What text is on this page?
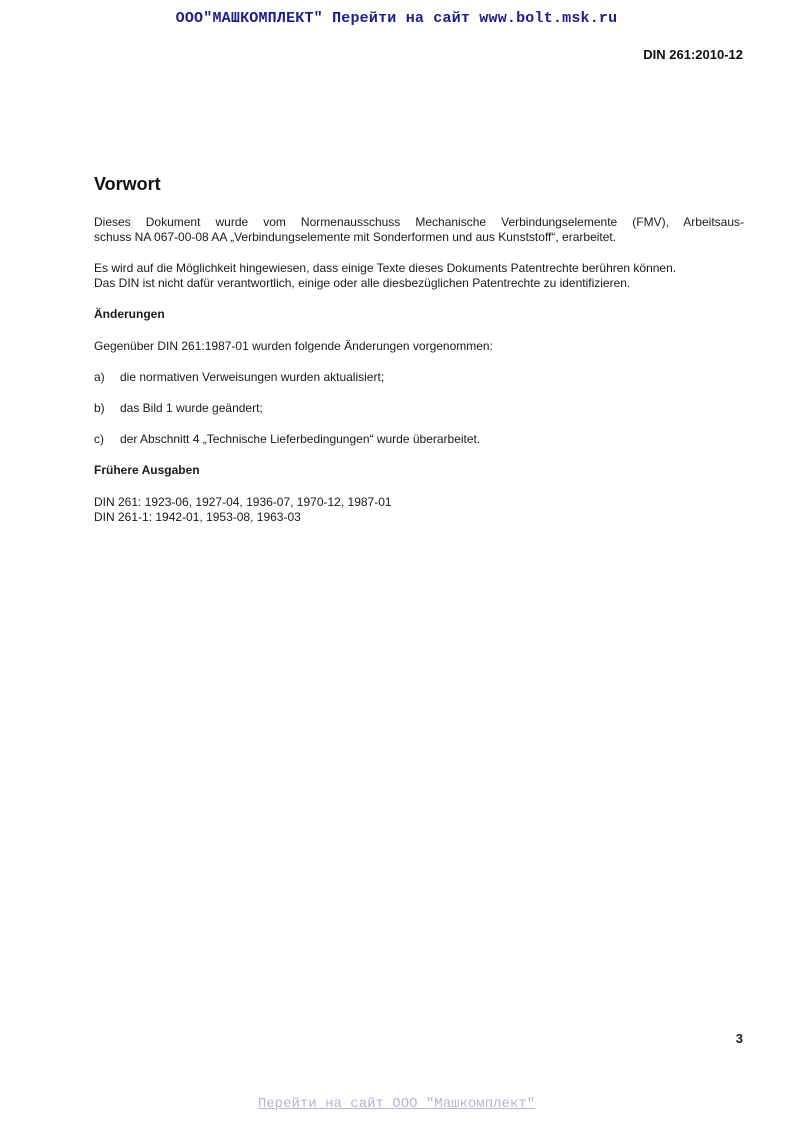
ООО"МАШКОМПЛЕКТ" Перейти на сайт www.bolt.msk.ru
DIN 261:2010-12
Vorwort

Dieses Dokument wurde vom Normenausschuss Mechanische Verbindungselemente (FMV), Arbeitsaus-

schuss NA 067-00-08 AA „Verbindungselemente mit Sonderformen und aus Kunststoff“, erarbeitet.

Es wird auf die Möglichkeit hingewiesen, dass einige Texte dieses Dokuments Patentrechte berühren können.

Das DIN ist nicht dafür verantwortlich, einige oder alle diesbezüglichen Patentrechte zu identifizieren.

Änderungen

Gegenüber DIN 261:1987-01 wurden folgende Änderungen vorgenommen:

a)	die normativen Verweisungen wurden aktualisiert;
b)	das Bild 1 wurde geändert;
c)	der Abschnitt 4 „Technische Lieferbedingungen“ wurde überarbeitet.
Frühere Ausgaben

DIN 261: 1923-06, 1927-04, 1936-07, 1970-12, 1987-01

DIN 261-1: 1942-01, 1953-08, 1963-03

3
Перейти на сайт ООО "Машкомплект"
